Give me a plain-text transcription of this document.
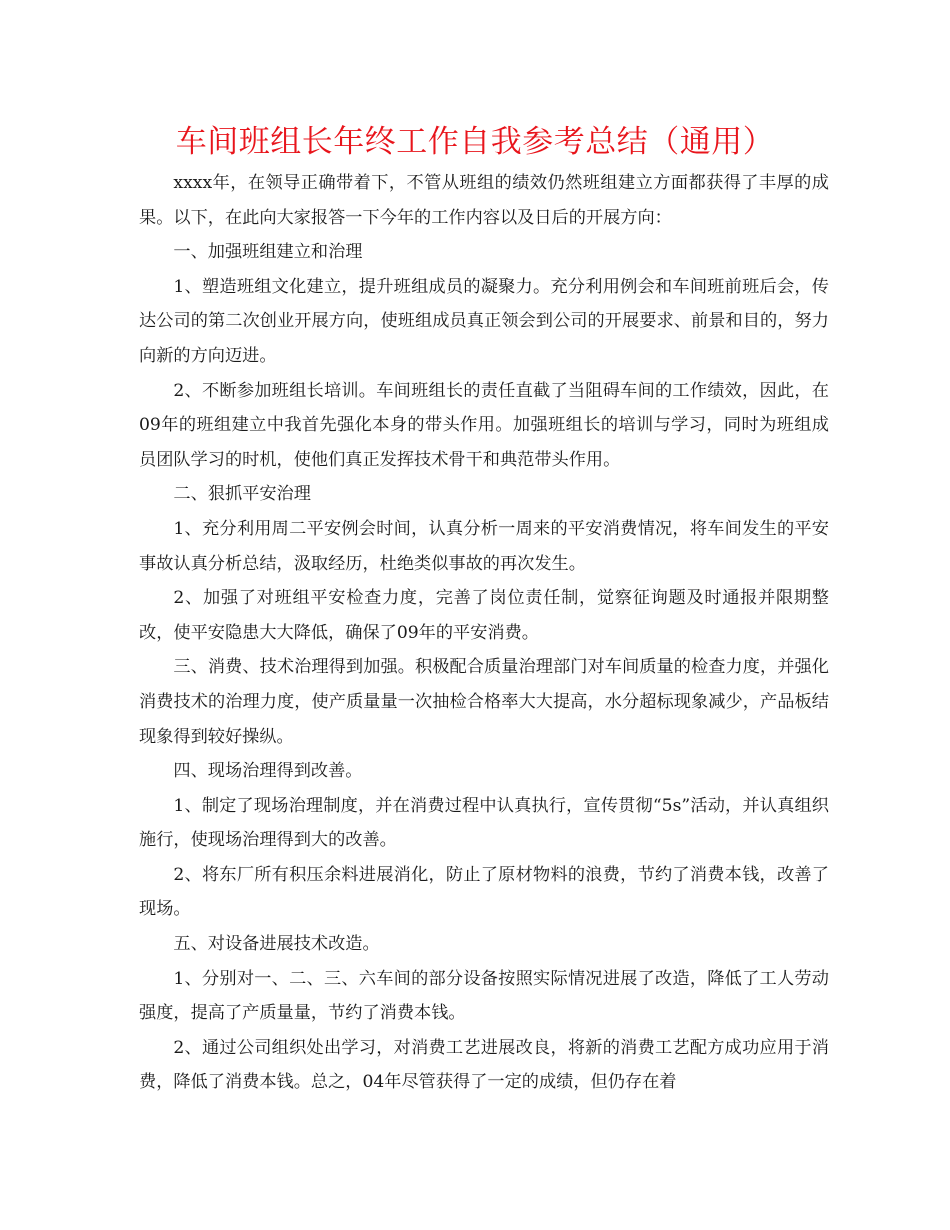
车间班组长年终工作自我参考总结（通用）

xxxx年，在领导正确带着下，不管从班组的绩效仍然班组建立方面都获得了丰厚的成果。以下，在此向大家报答一下今年的工作内容以及日后的开展方向：

一、加强班组建立和治理

1、塑造班组文化建立，提升班组成员的凝聚力。充分利用例会和车间班前班后会，传达公司的第二次创业开展方向，使班组成员真正领会到公司的开展要求、前景和目的，努力向新的方向迈进。

2、不断参加班组长培训。车间班组长的责任直截了当阻碍车间的工作绩效，因此，在09年的班组建立中我首先强化本身的带头作用。加强班组长的培训与学习，同时为班组成员团队学习的时机，使他们真正发挥技术骨干和典范带头作用。

二、狠抓平安治理

1、充分利用周二平安例会时间，认真分析一周来的平安消费情况，将车间发生的平安事故认真分析总结，汲取经历，杜绝类似事故的再次发生。

2、加强了对班组平安检查力度，完善了岗位责任制，觉察征询题及时通报并限期整改，使平安隐患大大降低，确保了09年的平安消费。

三、消费、技术治理得到加强。积极配合质量治理部门对车间质量的检查力度，并强化消费技术的治理力度，使产质量量一次抽检合格率大大提高，水分超标现象减少，产品板结现象得到较好操纵。

四、现场治理得到改善。

1、制定了现场治理制度，并在消费过程中认真执行，宣传贯彻“5s”活动，并认真组织施行，使现场治理得到大的改善。

2、将东厂所有积压余料进展消化，防止了原材物料的浪费，节约了消费本钱，改善了现场。

五、对设备进展技术改造。

1、分别对一、二、三、六车间的部分设备按照实际情况进展了改造，降低了工人劳动强度，提高了产质量量，节约了消费本钱。

2、通过公司组织处出学习，对消费工艺进展改良，将新的消费工艺配方成功应用于消费，降低了消费本钱。总之，04年尽管获得了一定的成绩，但仍存在着
